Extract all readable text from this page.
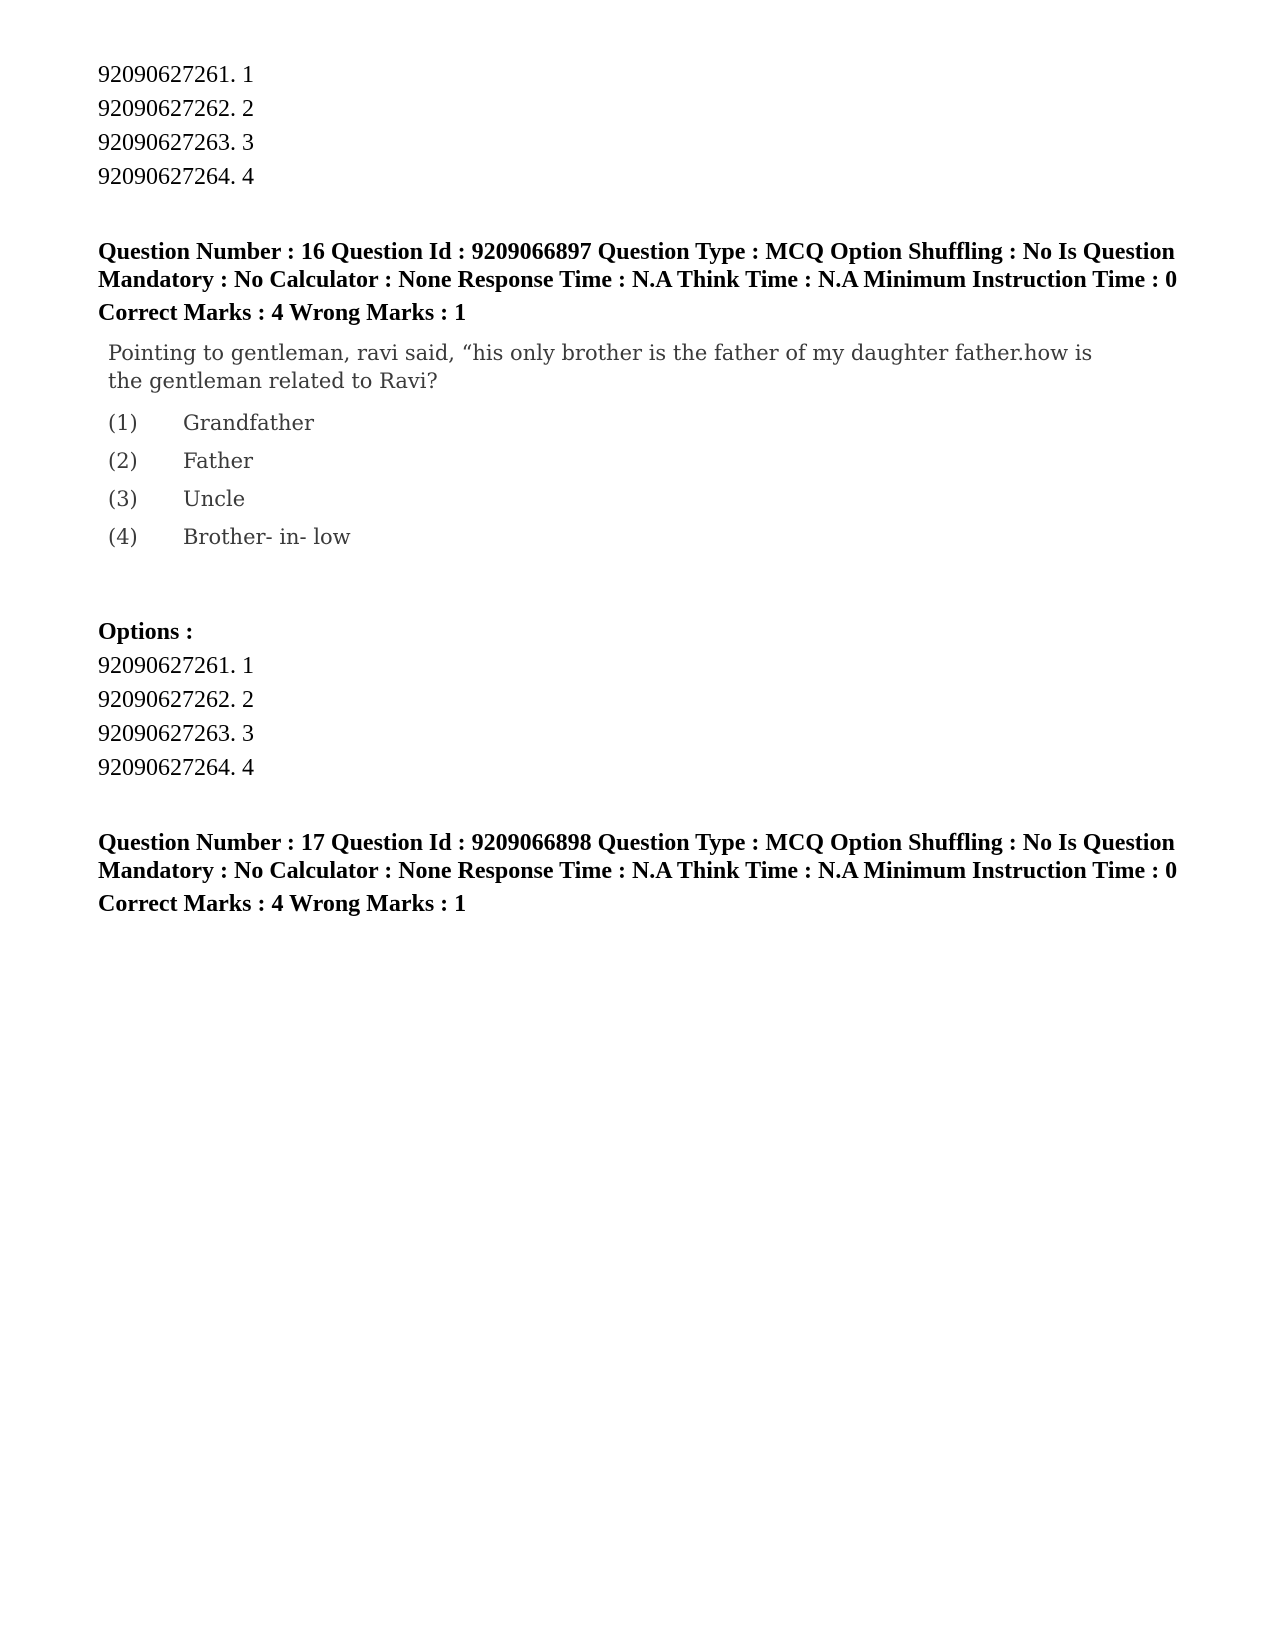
92090627261. 1
92090627262. 2
92090627263. 3
92090627264. 4
Question Number : 16 Question Id : 9209066897 Question Type : MCQ Option Shuffling : No Is Question Mandatory : No Calculator : None Response Time : N.A Think Time : N.A Minimum Instruction Time : 0
Correct Marks : 4 Wrong Marks : 1
Pointing to gentleman, ravi said, “his only brother is the father of my daughter father.how is the gentleman related to Ravi?
(1)	Grandfather
(2)	Father
(3)	Uncle
(4)	Brother- in- low
Options :
92090627261. 1
92090627262. 2
92090627263. 3
92090627264. 4
Question Number : 17 Question Id : 9209066898 Question Type : MCQ Option Shuffling : No Is Question Mandatory : No Calculator : None Response Time : N.A Think Time : N.A Minimum Instruction Time : 0
Correct Marks : 4 Wrong Marks : 1
